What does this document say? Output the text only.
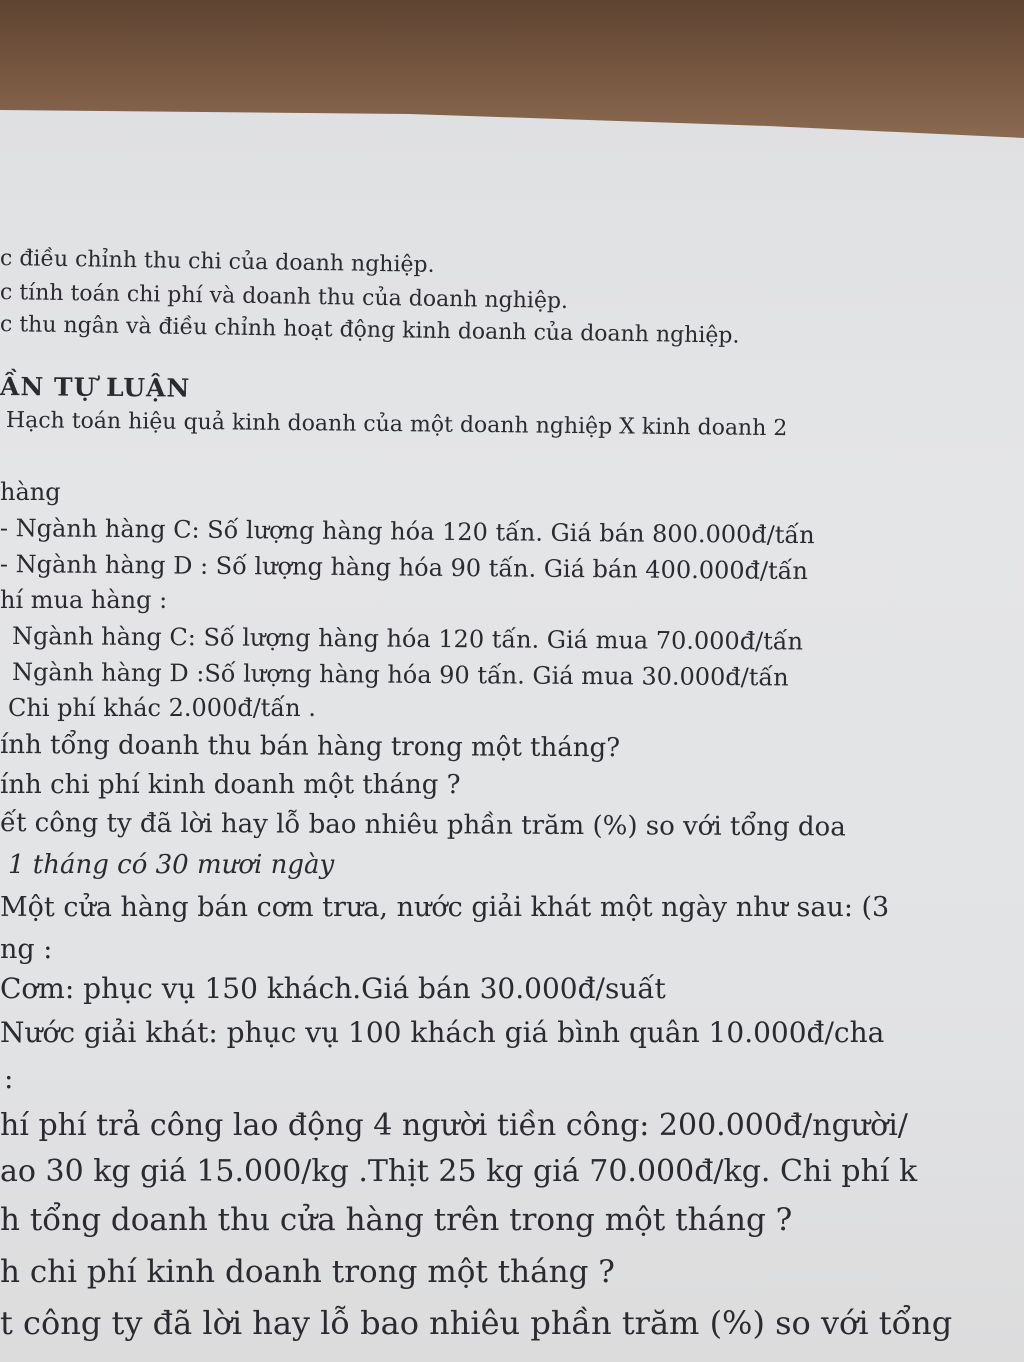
c điều chỉnh thu chi của doanh nghiệp.

c tính toán chi phí và doanh thu của doanh nghiệp.

c thu ngân và điều chỉnh hoạt động kinh doanh của doanh nghiệp.

ẦN TỰ LUẬN

Hạch toán hiệu quả kinh doanh của một doanh nghiệp X kinh doanh 2

hàng

- Ngành hàng C: Số lượng hàng hóa 120 tấn. Giá bán 800.000đ/tấn

- Ngành hàng D : Số lượng hàng hóa 90 tấn. Giá bán 400.000đ/tấn

hí mua hàng :

Ngành hàng C: Số lượng hàng hóa 120 tấn. Giá mua 70.000đ/tấn

Ngành hàng D :Số lượng hàng hóa 90 tấn. Giá mua 30.000đ/tấn

Chi phí khác 2.000đ/tấn .

ính tổng doanh thu bán hàng trong một tháng?

ính chi phí kinh doanh một tháng ?

ết công ty đã lời hay lỗ bao nhiêu phần trăm (%) so với tổng doa

1 tháng có 30 mươi ngày

Một cửa hàng bán cơm trưa, nước giải khát một ngày như sau: (3

ng :

Cơm: phục vụ 150 khách.Giá bán 30.000đ/suất

Nước giải khát: phục vụ 100 khách giá bình quân 10.000đ/cha

:

hí phí trả công lao động 4 người tiền công: 200.000đ/người/

ao 30 kg giá 15.000/kg .Thịt 25 kg giá 70.000đ/kg. Chi phí k

h tổng doanh thu cửa hàng trên trong một tháng ?

h chi phí kinh doanh trong một tháng ?

t công ty đã lời hay lỗ bao nhiêu phần trăm (%) so với tổng
